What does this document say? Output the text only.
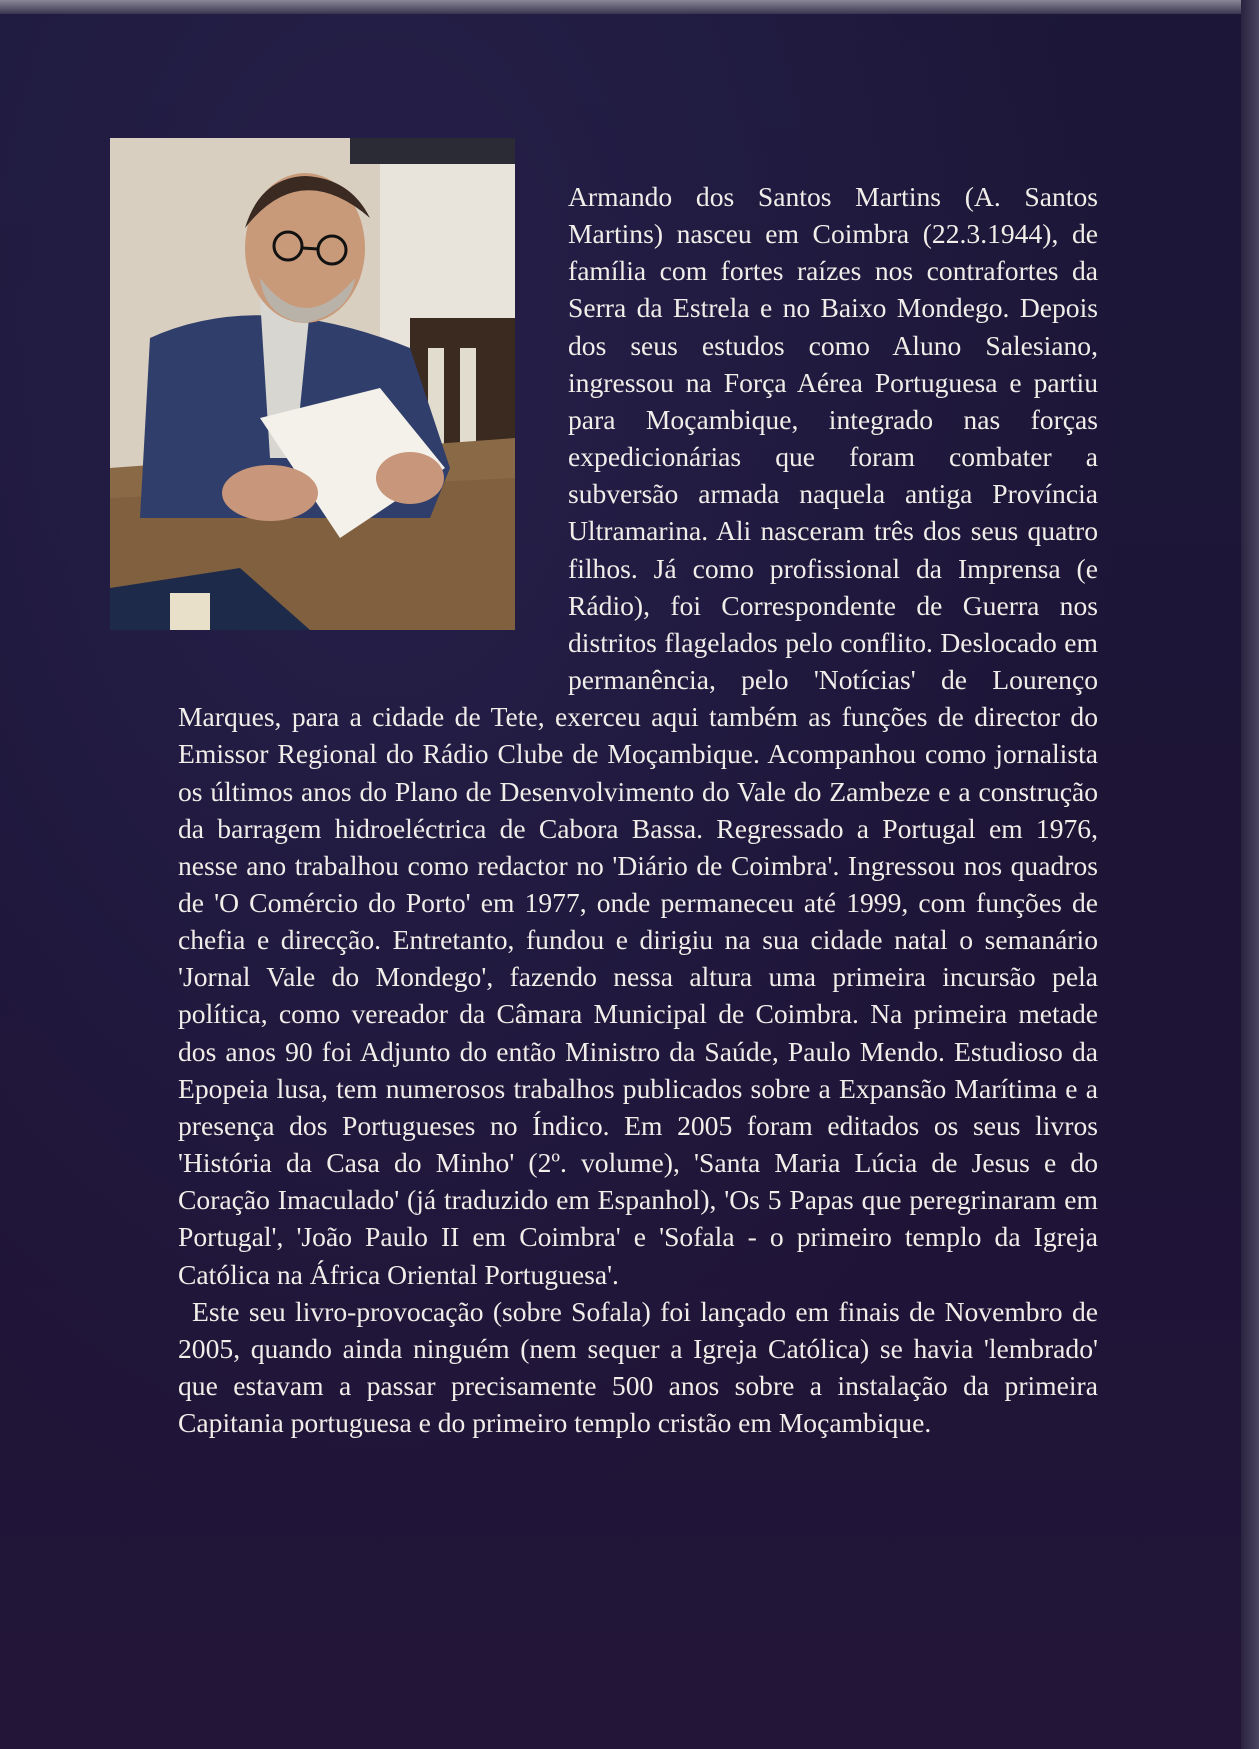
Armando dos Santos Martins (A. Santos Martins) nasceu em Coimbra (22.3.1944), de família com fortes raízes nos contrafortes da Serra da Estrela e no Baixo Mondego. Depois dos seus estudos como Aluno Salesiano, ingressou na Força Aérea Portuguesa e partiu para Moçambique, integrado nas forças expedicionárias que foram combater a subversão armada naquela antiga Província Ultramarina. Ali nasceram três dos seus quatro filhos. Já como profissional da Imprensa (e Rádio), foi Correspondente de Guerra nos distritos flagelados pelo conflito. Deslocado em permanência, pelo 'Notícias' de Lourenço Marques, para a cidade de Tete, exerceu aqui também as funções de director do Emissor Regional do Rádio Clube de Moçambique. Acompanhou como jornalista os últimos anos do Plano de Desenvolvimento do Vale do Zambeze e a construção da barragem hidroeléctrica de Cabora Bassa. Regressado a Portugal em 1976, nesse ano trabalhou como redactor no 'Diário de Coimbra'. Ingressou nos quadros de 'O Comércio do Porto' em 1977, onde permaneceu até 1999, com funções de chefia e direcção. Entretanto, fundou e dirigiu na sua cidade natal o semanário 'Jornal Vale do Mondego', fazendo nessa altura uma primeira incursão pela política, como vereador da Câmara Municipal de Coimbra. Na primeira metade dos anos 90 foi Adjunto do então Ministro da Saúde, Paulo Mendo. Estudioso da Epopeia lusa, tem numerosos trabalhos publicados sobre a Expansão Marítima e a presença dos Portugueses no Índico. Em 2005 foram editados os seus livros 'História da Casa do Minho' (2º. volume), 'Santa Maria Lúcia de Jesus e do Coração Imaculado' (já traduzido em Espanhol), 'Os 5 Papas que peregrinaram em Portugal', 'João Paulo II em Coimbra' e 'Sofala - o primeiro templo da Igreja Católica na África Oriental Portuguesa'.

Este seu livro-provocação (sobre Sofala) foi lançado em finais de Novembro de 2005, quando ainda ninguém (nem sequer a Igreja Católica) se havia 'lembrado' que estavam a passar precisamente 500 anos sobre a instalação da primeira Capitania portuguesa e do primeiro templo cristão em Moçambique.
